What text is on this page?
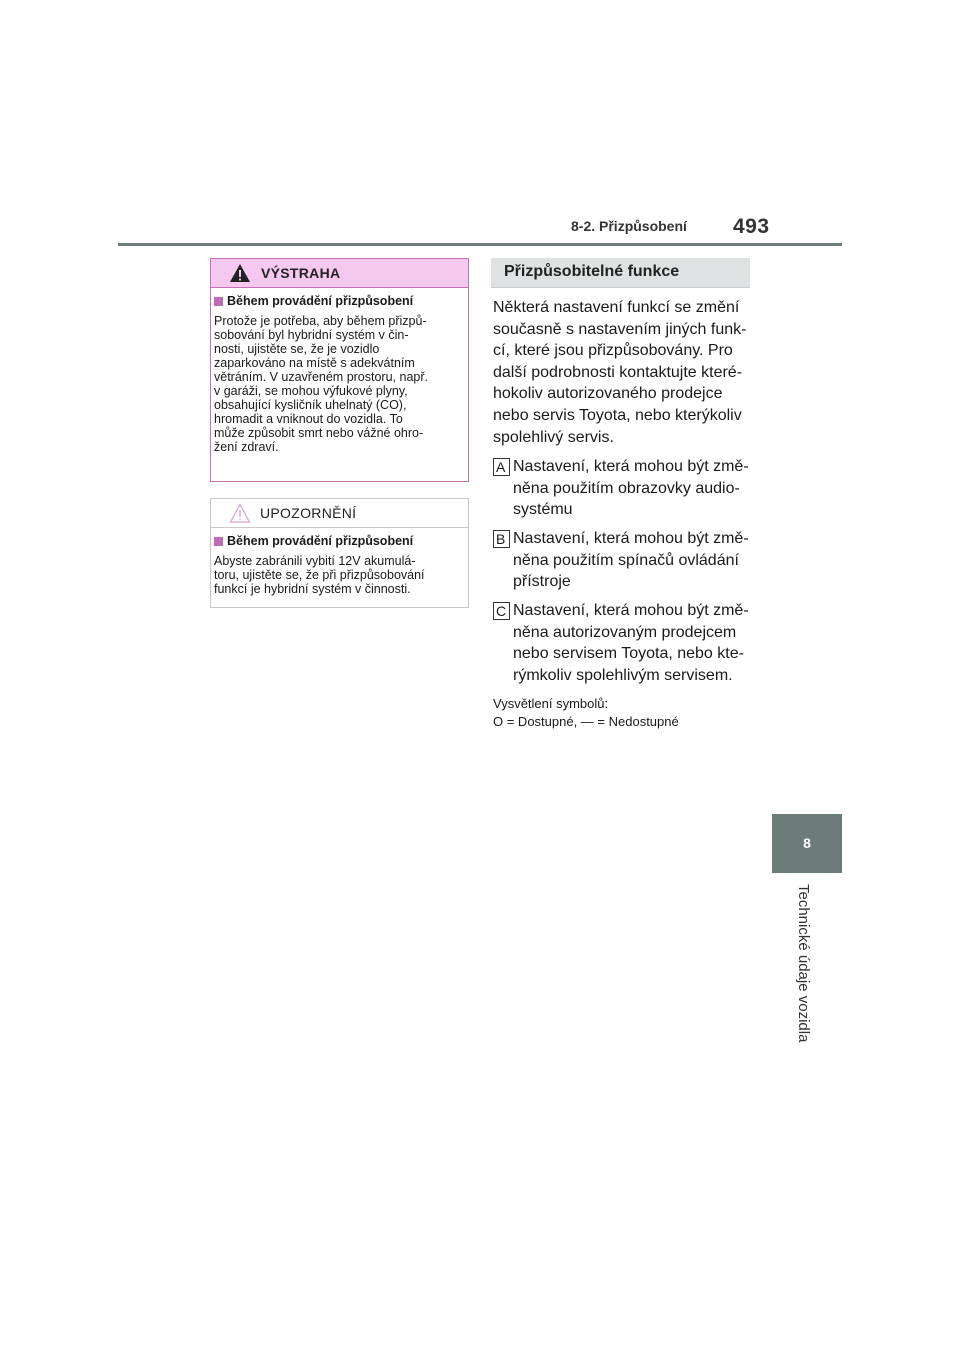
8-2. Přizpůsobení 493
8
Technické údaje vozidla
VÝSTRAHA
Během provádění přizpůsobení
Protože je potřeba, aby během přizpů-
sobování byl hybridní systém v čin-
nosti, ujistěte se, že je vozidlo
zaparkováno na místě s adekvátním
větráním. V uzavřeném prostoru, např.
v garáži, se mohou výfukové plyny,
obsahující kysličník uhelnatý (CO),
hromadit a vniknout do vozidla. To
může způsobit smrt nebo vážné ohro-
žení zdraví.
UPOZORNĚNÍ
Během provádění přizpůsobení
Abyste zabránili vybití 12V akumulá-
toru, ujistěte se, že při přizpůsobování
funkcí je hybridní systém v činnosti.
Přizpůsobitelné funkce
Některá nastavení funkcí se změní
současně s nastavením jiných funk-
cí, které jsou přizpůsobovány. Pro
další podrobnosti kontaktujte které-
hokoliv autorizovaného prodejce
nebo servis Toyota, nebo kterýkoliv
spolehlivý servis.
A Nastavení, která mohou být změ-
něna použitím obrazovky audio-
systému
B Nastavení, která mohou být změ-
něna použitím spínačů ovládání
přístroje
C Nastavení, která mohou být změ-
něna autorizovaným prodejcem
nebo servisem Toyota, nebo kte-
rýmkoliv spolehlivým servisem.
Vysvětlení symbolů:
O = Dostupné, — = Nedostupné
